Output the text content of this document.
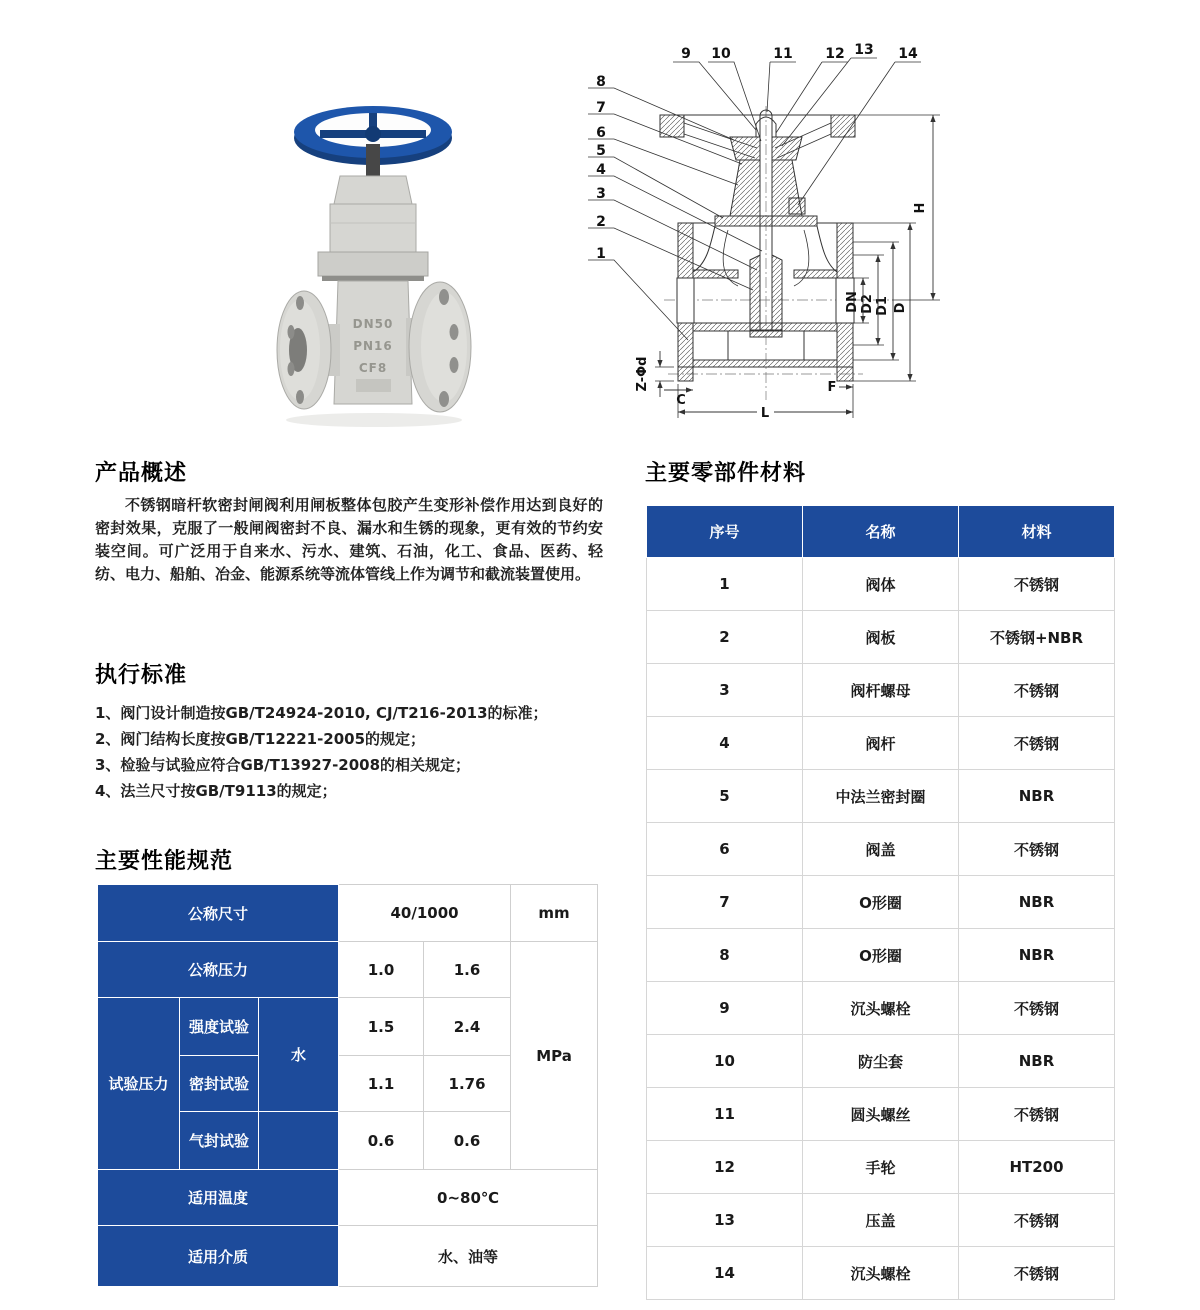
DN50
PN16
CF8
8
7
6
5
4
3
2
1
9 10	11 12 13 14
H
D
D1
D2
DN
L
C
F
Z-Φd
产品概述

不锈钢暗杆软密封闸阀利用闸板整体包胶产生变形补偿作用达到良好的密封效果，克服了一般闸阀密封不良、漏水和生锈的现象，更有效的节约安装空间。可广泛用于自来水、污水、建筑、石油，化工、食品、医药、轻纺、电力、船舶、冶金、能源系统等流体管线上作为调节和截流装置使用。

执行标准
1、阀门设计制造按GB/T24924-2010, CJ/T216-2013的标准；
2、阀门结构长度按GB/T12221-2005的规定；
3、检验与试验应符合GB/T13927-2008的相关规定；
4、法兰尺寸按GB/T9113的规定；
主要性能规范
公称尺寸			40/1000		mm
公称压力			1.0	1.6	MPa
试验压力	强度试验	水	1.5	2.4	
	密封试验		1.1	1.76	
	气封试验		0.6	0.6	
适用温度			0~80℃		
适用介质			水、油等		
主要零部件材料
序号	名称	材料
1	阀体	不锈钢
2	阀板	不锈钢+NBR
3	阀杆螺母	不锈钢
4	阀杆	不锈钢
5	中法兰密封圈	NBR
6	阀盖	不锈钢
7	O形圈	NBR
8	O形圈	NBR
9	沉头螺栓	不锈钢
10	防尘套	NBR
11	圆头螺丝	不锈钢
12	手轮	HT200
13	压盖	不锈钢
14	沉头螺栓	不锈钢
